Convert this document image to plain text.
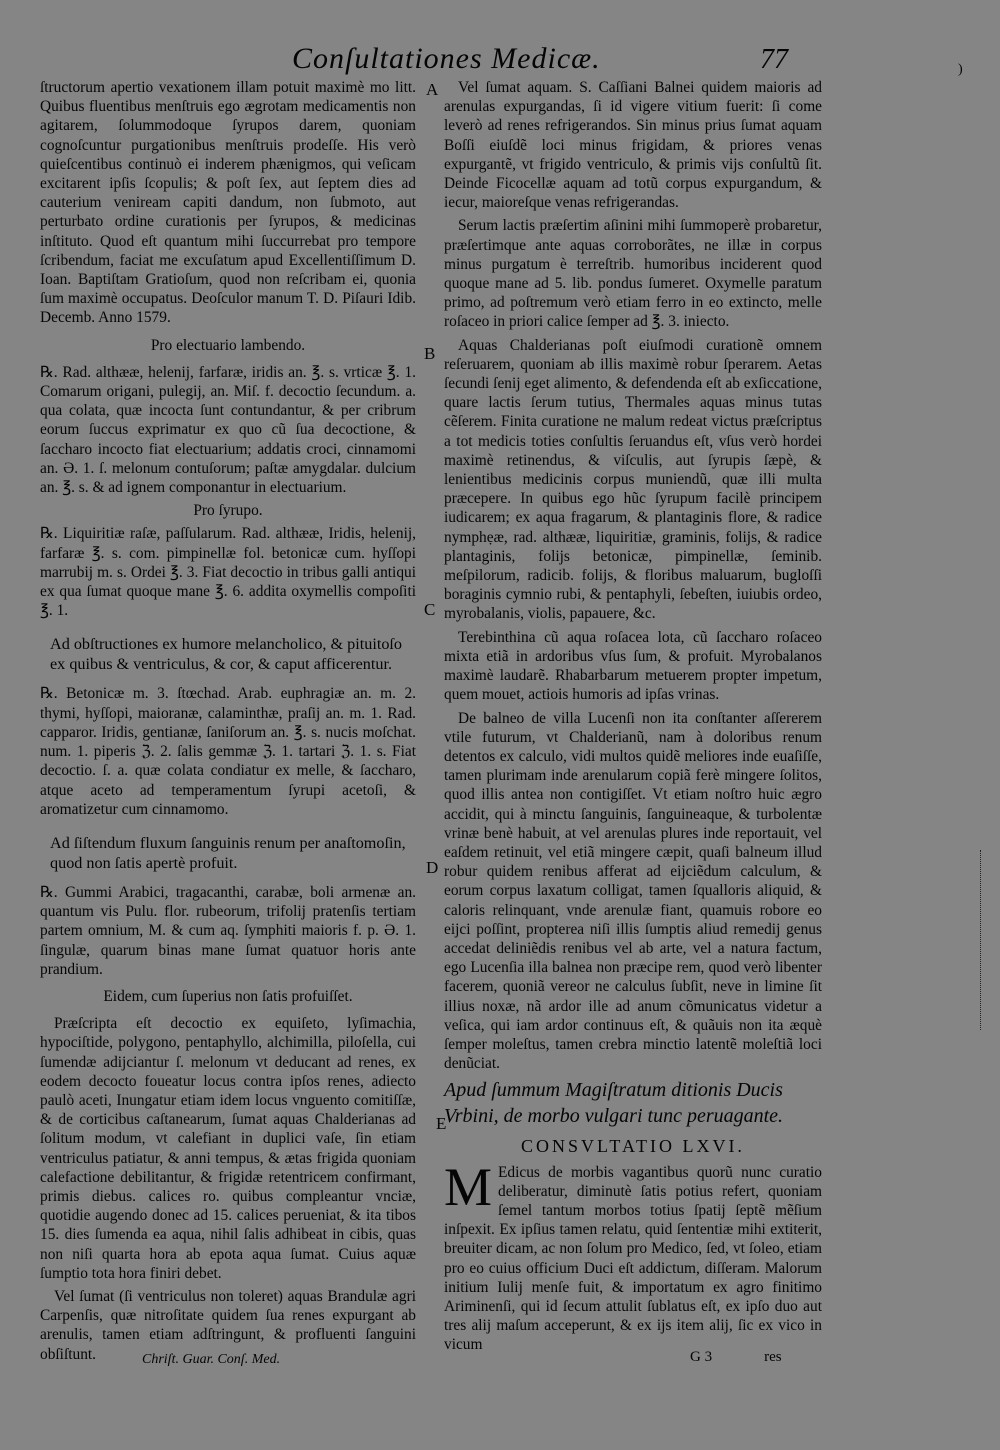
Conſultationes Medicæ.	77	)
A
B
C
D
E

ſtructorum apertio vexationem illam potuit maximè mo litt. Quibus fluentibus menſtruis ego ægrotam medicamentis non agitarem, ſolummodoque ſyrupos darem, quoniam cognoſcuntur purgationibus menſtruis prodeſſe. His verò quieſcentibus continuò ei inderem phænigmos, qui veſicam excitarent ipſis ſcopulis; & poſt ſex, aut ſeptem dies ad cauterium veniream capiti dandum, non ſubmoto, aut perturbato ordine curationis per ſyrupos, & medicinas inſtituto. Quod eſt quantum mihi ſuccurrebat pro tempore ſcribendum, faciat me excuſatum apud Excellentiſſimum D. Ioan. Baptiſtam Gratioſum, quod non reſcribam ei, quonia ſum maximè occupatus. Deoſculor manum T. D. Piſauri Idib. Decemb. Anno 1579.

Pro electuario lambendo.

℞. Rad. althææ, helenij, farfaræ, iridis an. ℥. s. vrticæ ℥. 1. Comarum origani, pulegij, an. Miſ. f. decoctio ſecundum. a. qua colata, quæ incocta ſunt contundantur, & per cribrum eorum ſuccus exprimatur ex quo cũ ſua decoctione, & ſaccharo incocto fiat electuarium; addatis croci, cinnamomi an. Ə. 1. ſ. melonum contuſorum; paſtæ amygdalar. dulcium an. ℥. s. & ad ignem componantur in electuarium.

Pro ſyrupo.

℞. Liquiritiæ raſæ, paſſularum. Rad. althææ, Iridis, helenij, farfaræ ℥. s. com. pimpinellæ fol. betonicæ cum. hyſſopi marrubij m. s. Ordei ℥. 3. Fiat decoctio in tribus galli antiqui ex qua ſumat quoque mane ℥. 6. addita oxymellis compoſiti ℥. 1.

Ad obſtructiones ex humore melancholico, & pituitoſo ex quibus & ventriculus, & cor, & caput afficerentur.

℞. Betonicæ m. 3. ſtœchad. Arab. euphragiæ an. m. 2. thymi, hyſſopi, maioranæ, calaminthæ, praſij an. m. 1. Rad. capparor. Iridis, gentianæ, ſaniſorum an. ℥. s. nucis moſchat. num. 1. piperis ℨ. 2. ſalis gemmæ ℨ. 1. tartari ℨ. 1. s. Fiat decoctio. ſ. a. quæ colata condiatur ex melle, & ſaccharo, atque aceto ad temperamentum ſyrupi acetoſi, & aromatizetur cum cinnamomo.

Ad ſiſtendum fluxum ſanguinis renum per anaſtomoſin, quod non ſatis apertè profuit.

℞. Gummi Arabici, tragacanthi, carabæ, boli armenæ an. quantum vis Pulu. flor. rubeorum, trifolij pratenſis tertiam partem omnium, M. & cum aq. ſymphiti maioris f. p. Ə. 1. ſingulæ, quarum binas mane ſumat quatuor horis ante prandium.

Eidem, cum ſuperius non ſatis profuiſſet.

Præſcripta eſt decoctio ex equiſeto, lyſimachia, hypociſtide, polygono, pentaphyllo, alchimilla, piloſella, cui ſumendæ adijciantur ſ. melonum vt deducant ad renes, ex eodem decocto foueatur locus contra ipſos renes, adiecto paulò aceti, Inungatur etiam idem locus vnguento comitiſſæ, & de corticibus caſtanearum, ſumat aquas Chalderianas ad ſolitum modum, vt calefiant in duplici vaſe, ſin etiam ventriculus patiatur, & anni tempus, & ætas frigida quoniam calefactione debilitantur, & frigidæ retentricem confirmant, primis diebus. calices ro. quibus compleantur vnciæ, quotidie augendo donec ad 15. calices perueniat, & ita tibos 15. dies ſumenda ea aqua, nihil ſalis adhibeat in cibis, quas non niſi quarta hora ab epota aqua ſumat. Cuius aquæ ſumptio tota hora finiri debet.

Vel ſumat (ſi ventriculus non toleret) aquas Brandulæ agri Carpenſis, quæ nitroſitate quidem ſua renes expurgant ab arenulis, tamen etiam adſtringunt, & profluenti ſanguini obſiſtunt.	Chriſt. Guar. Conſ. Med.

Vel ſumat aquam. S. Caſſiani Balnei quidem maioris ad arenulas expurgandas, ſi id vigere vitium fuerit: ſi come leverò ad renes refrigerandos. Sin minus prius ſumat aquam Boſſi eiuſdẽ loci minus frigidam, & priores venas expurgantẽ, vt frigido ventriculo, & primis vijs conſultũ ſit. Deinde Ficocellæ aquam ad totũ corpus expurgandum, & iecur, maioreſque venas refrigerandas.

Serum lactis præſertim aſinini mihi ſummoperè probaretur, præſertimque ante aquas corroborãtes, ne illæ in corpus minus purgatum è terreſtrib. humoribus inciderent quod quoque mane ad 5. lib. pondus ſumeret. Oxymelle paratum primo, ad poſtremum verò etiam ferro in eo extincto, melle roſaceo in priori calice ſemper ad ℥. 3. iniecto.

Aquas Chalderianas poſt eiuſmodi curationẽ omnem reſeruarem, quoniam ab illis maximè robur ſperarem. Aetas ſecundi ſenij eget alimento, & defendenda eſt ab exſiccatione, quare lactis ſerum tutius, Thermales aquas minus tutas cẽſerem. Finita curatione ne malum redeat victus præſcriptus a tot medicis toties conſultis ſeruandus eſt, vſus verò hordei maximè retinendus, & viſculis, aut ſyrupis ſæpè, & lenientibus medicinis corpus muniendũ, quæ illi multa præcepere. In quibus ego hũc ſyrupum facilè principem iudicarem; ex aqua fragarum, & plantaginis flore, & radice nymphẹæ, rad. althææ, liquiritiæ, graminis, folijs, & radice plantaginis, folijs betonicæ, pimpinellæ, ſeminib. meſpilorum, radicib. folijs, & floribus maluarum, bugloſſi boraginis cymnio rubi, & pentaphyli, ſebeſten, iuiubis ordeo, myrobalanis, violis, papauere, &c.

Terebinthina cũ aqua roſacea lota, cũ ſaccharo roſaceo mixta etiã in ardoribus vſus ſum, & profuit. Myrobalanos maximè laudarẽ. Rhabarbarum metuerem propter impetum, quem mouet, actiois humoris ad ipſas vrinas.

De balneo de villa Lucenſi non ita conſtanter aſſererem vtile futurum, vt Chalderianũ, nam à doloribus renum detentos ex calculo, vidi multos quidẽ meliores inde euaſiſſe, tamen plurimam inde arenularum copiã ferè mingere ſolitos, quod illis antea non contigiſſet. Vt etiam noſtro huic ægro accidit, qui à minctu ſanguinis, ſanguineaque, & turbolentæ vrinæ benè habuit, at vel arenulas plures inde reportauit, vel eaſdem retinuit, vel etiã mingere cæpit, quaſi balneum illud robur quidem renibus afferat ad eijciẽdum calculum, & eorum corpus laxatum colligat, tamen ſqualloris aliquid, & caloris relinquant, vnde arenulæ fiant, quamuis robore eo eijci poſſint, propterea niſi illis ſumptis aliud remedij genus accedat deliniẽdis renibus vel ab arte, vel a natura factum, ego Lucenſia illa balnea non præcipe rem, quod verò libenter facerem, quoniã vereor ne calculus ſubſit, neve in limine ſit illius noxæ, nã ardor ille ad anum cõmunicatus videtur a veſica, qui iam ardor continuus eſt, & quãuis non ita æquè ſemper moleſtus, tamen crebra minctio latentẽ moleſtiã loci denũciat.

Apud ſummum Magiſtratum ditionis Ducis Vrbini, de morbo vulgari tunc peruagante.

CONSVLTATIO LXVI.

M Edicus de morbis vagantibus quorũ nunc curatio deliberatur, diminutè ſatis potius refert, quoniam ſemel tantum morbos totius ſpatij ſeptẽ mẽſium inſpexit. Ex ipſius tamen relatu, quid ſententiæ mihi extiterit, breuiter dicam, ac non ſolum pro Medico, ſed, vt ſoleo, etiam pro eo cuius officium Duci eſt addictum, diſſeram. Malorum initium Iulij menſe fuit, & importatum ex agro finitimo Ariminenſi, qui id ſecum attulit ſublatus eſt, ex ipſo duo aut tres alij maſum acceperunt, & ex ijs item alij, ſic ex vico in vicum

G 3	res
